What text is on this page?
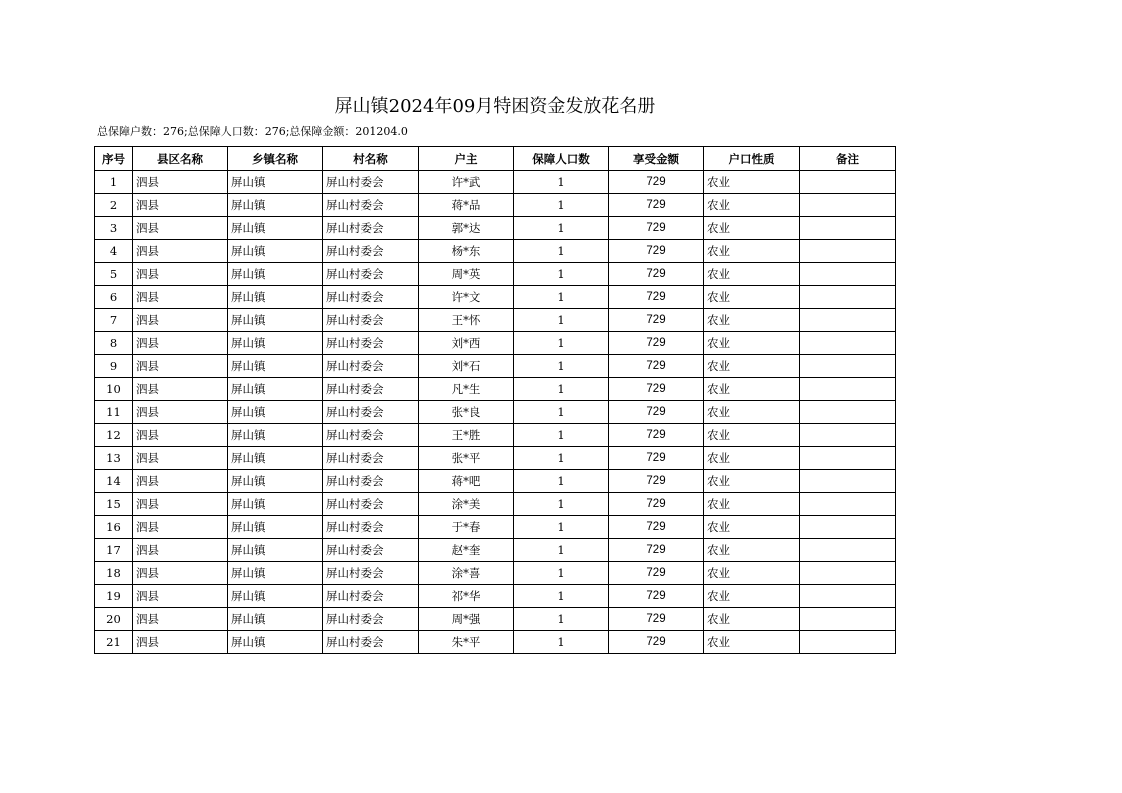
屏山镇2024年09月特困资金发放花名册
总保障户数：276;总保障人口数：276;总保障金额：201204.0
序号	县区名称	乡镇名称	村名称	户主	保障人口数	享受金额	户口性质	备注
1	泗县	屏山镇	屏山村委会	许*武	1	729	农业	
2	泗县	屏山镇	屏山村委会	蒋*品	1	729	农业	
3	泗县	屏山镇	屏山村委会	郭*达	1	729	农业	
4	泗县	屏山镇	屏山村委会	杨*东	1	729	农业	
5	泗县	屏山镇	屏山村委会	周*英	1	729	农业	
6	泗县	屏山镇	屏山村委会	许*文	1	729	农业	
7	泗县	屏山镇	屏山村委会	王*怀	1	729	农业	
8	泗县	屏山镇	屏山村委会	刘*西	1	729	农业	
9	泗县	屏山镇	屏山村委会	刘*石	1	729	农业	
10	泗县	屏山镇	屏山村委会	凡*生	1	729	农业	
11	泗县	屏山镇	屏山村委会	张*良	1	729	农业	
12	泗县	屏山镇	屏山村委会	王*胜	1	729	农业	
13	泗县	屏山镇	屏山村委会	张*平	1	729	农业	
14	泗县	屏山镇	屏山村委会	蒋*吧	1	729	农业	
15	泗县	屏山镇	屏山村委会	涂*美	1	729	农业	
16	泗县	屏山镇	屏山村委会	于*春	1	729	农业	
17	泗县	屏山镇	屏山村委会	赵*奎	1	729	农业	
18	泗县	屏山镇	屏山村委会	涂*喜	1	729	农业	
19	泗县	屏山镇	屏山村委会	祁*华	1	729	农业	
20	泗县	屏山镇	屏山村委会	周*强	1	729	农业	
21	泗县	屏山镇	屏山村委会	朱*平	1	729	农业	
